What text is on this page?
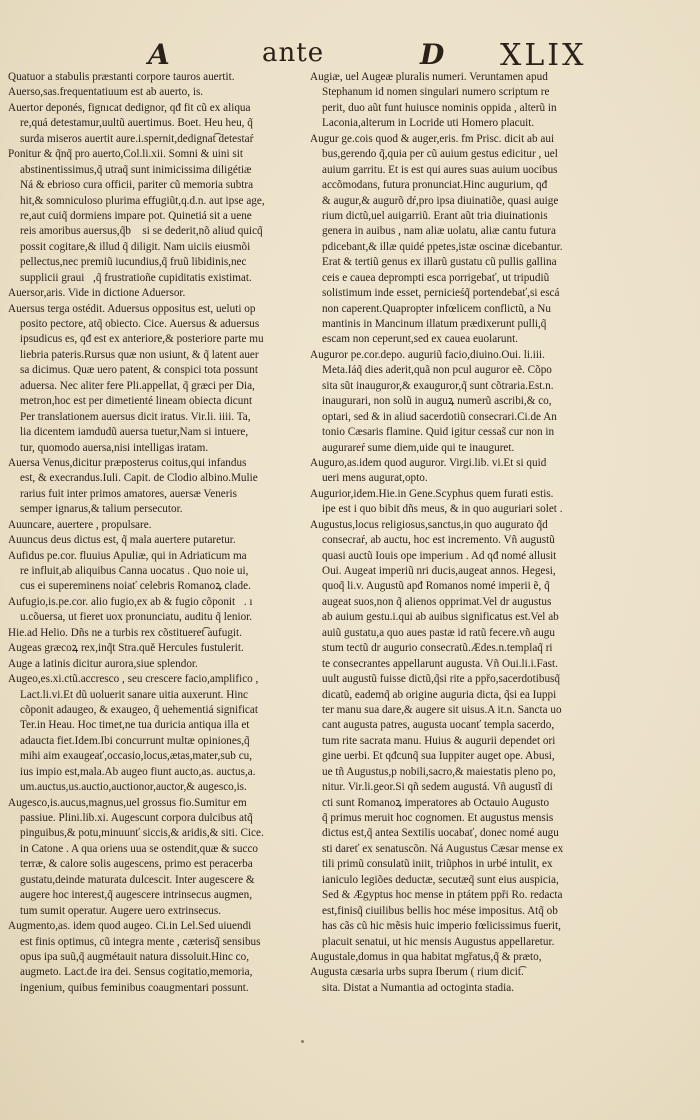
A	ante	D XLIX
Quatuor a stabulis præstanti corpore tauros auertit.
Auerso,sas.frequentatiuum est ab auerto, is.
Auertor deponés, fignıcat dedignor, qđ fit cũ ex aliqua
re,quá detestamur,uultũ auertimus. Boet. Heu heu, q̃
surda miseros auertit aure.i.spernit,dedignat͡ detestaŕ
Ponitur & q̃nq̃ pro auerto,Col.li.xii. Somni & uini sit
abstinentissimus,q̃ utraq̃ sunt inimicissima diligétiæ
Ná & ebrioso cura officii, pariter cũ memoria subtra
hit,& somniculoso plurima effugiũt,q.d.n. aut ipse age,
re,aut cuiq̃ dormiens impare pot. Quinetiá sit a uene
reis amoribus auersus,q̃b᷑ si se dederit,nõ aliud quicq̃
possit cogitare,& illud q̃ diligit. Nam uiciis eiusmõi
pellectus,nec premiũ iucundius,q̃ fruũ libidinis,nec
supplicii graui᷑,q̃ frustratioñe cupiditatis existimat.
Auersor,aris. Vide in dictione Aduersor.
Auersus terga ostédit. Aduersus oppositus est, ueluti op
posito pectore, atq̃ obiecto. Cice. Auersus & aduersus
ipsudicus es, qđ est ex anteriore,& posteriore parte mu
liebria pateris.Rursus quæ non usiunt, & q̃ latent auer
sa dicimus. Quæ uero patent, & conspici tota possunt
aduersa. Nec aliter fere Pli.appellat, q̃ græci per Dia,
metron,hoc est per dimetienté lineam obiecta dicunt
Per translationem auersus dicit iratus. Vir.li. iiii. Ta,
lia dicentem iamdudũ auersa tuetur,Nam si intuere,
tur, quomodo auersa,nisi intelligas iratam.
Auersa Venus,dicitur præposterus coitus,qui infandus
est, & execrandus.Iuli. Capit. de Clodio albino.Mulie
rarius fuit inter primos amatores, auersæ Veneris
semper ignarus,& talium persecutor.
Auuncare, auertere , propulsare.
Auuncus deus dictus est, q̃ mala auertere putaretur.
Aufidus pe.cor. fluuius Apuliæ, qui in Adriaticum ma
re influit,ab aliquibus Canna uocatus . Quo noie ui,
cus ei supereminens noiať celebris Romanoꝝ clade.
Aufugio,is.pe.cor. alio fugio,ex ab & fugio cõponit᷑. ı
u.cõuersa, ut fieret uox pronunciatu, auditu q̃ lenior.
Hie.ad Helio. Dñs ne a turbis rex cõstitueret͡ aufugit.
Augeas græcoꝝ rex,inq̃t Stra.quě Hercules fustulerit.
Auge a latinis dicitur aurora,siue splendor.
Augeo,es.xi.ctũ.accresco , seu crescere facio,amplifico ,
Lact.li.vi.Et dũ uoluerit sanare uitia auxerunt. Hinc
cõponit adaugeo, & exaugeo, q̃ uehementiá significat
Ter.in Heau. Hoc timet,ne tua duricia antiqua illa et
adaucta fiet.Idem.Ibi concurrunt multæ opiniones,q̃
mihi aim exaugeať,occasio,locus,ætas,mater,sub cu,
ius impio est,mala.Ab augeo fiunt aucto,as. auctus,a.
um.auctus,us.auctio,auctionor,auctor,& augesco,is.
Augesco,is.aucus,magnus,uel grossus fio.Sumitur em
passiue. Plini.lib.xi. Augescunt corpora dulcibus atq̃
pinguibus,& potu,minuunť siccis,& aridis,& siti. Cice.
in Catone . A qua oriens uua se ostendit,quæ & succo
terræ, & calore solis augescens, primo est peracerba
gustatu,deinde maturata dulcescit. Inter augescere &
augere hoc interest,q̃ augescere intrinsecus augmen,
tum sumit operatur. Augere uero extrinsecus.
Augmento,as. idem quod augeo. Ci.in Lel.Sed uiuendi
est finis optimus, cũ integra mente , cæterisq̃ sensibus
opus ipa suũ,q̃ augmétauit natura dissoluit.Hinc co,
augmeto. Lact.de ira dei. Sensus cogitatio,memoria,
ingenium, quibus feminibus coaugmentari possunt.
Augiæ, uel Augeæ pluralis numeri. Veruntamen apud
Stephanum id nomen singulari numero scriptum re
perit, duo aũt funt huiusce nominis oppida , alterũ in
Laconia,alterum in Locride uti Homero placuit.
Augur ge.cois quod & auger,eris. fm Prisc. dicit ab aui
bus,gerendo q̃,quia per cũ auium gestus edicitur , uel
auium garritu. Et is est qui aures suas auium uocibus
accõmodans, futura pronunciat.Hinc augurium, qđ
& augur,& augurõ dŕ,pro ipsa diuinatiõe, quasi auige
rium dictũ,uel auigarriũ. Erant aũt tria diuinationis
genera in auibus , nam aliæ uolatu, aliæ cantu futura
pdicebant,& illæ quidé ppetes,istæ oscinæ dicebantur.
Erat & tertiũ genus ex illarũ gustatu cũ pullis gallina
ceis e cauea deprompti esca porrigebať, ut tripudiũ
solistimum inde esset, pernicieśq̃ portendebať,si escá
non caperent.Quapropter infœlicem conflictũ, a Nu
mantinis in Mancinum illatum prædixerunt pulli,q̃
escam non ceperunt,sed ex cauea euolarunt.
Auguror pe.cor.depo. auguriũ facio,diuino.Oui. li.iii.
Meta.Iáq̃ dies aderit,quã non pcul auguror eẽ. Cõpo
sita sũt inauguror,& exauguror,q̃ sunt cõtraria.Est.n.
inaugurari, non solũ in auguꝝ numerũ ascribi,& co,
optari, sed & in aliud sacerdotiũ consecrari.Ci.de An
tonio Cæsaris flamine. Quid igitur cessas̃ cur non in
augurareŕ sume diem,uide qui te inauguret.
Auguro,as.idem quod auguror. Virgi.lib. vi.Et si quid
ueri mens augurat,opto.
Augurior,idem.Hie.in Gene.Scyphus quem furati estis.
ipe est i quo bibit dñs meus, & in quo auguriari solet .
Augustus,locus religiosus,sanctus,in quo augurato q̃d
consecraŕ, ab auctu, hoc est incremento. Vñ augustũ
quasi auctũ Iouis ope imperium . Ad qđ nomé allusit
Oui. Augeat imperiũ nri ducis,augeat annos. Hegesi,
quoq̃ li.v. Augustũ apđ Romanos nomé imperii ẽ, q̃
augeat suos,non q̃ alienos opprimat.Vel dr augustus
ab auium gestu.i.qui ab auibus significatus est.Vel ab
auiũ gustatu,a quo aues pastæ id ratũ fecere.vñ augu
stum tectũ dr augurio consecratũ.Ædes.n.templaq̃ ri
te consecrantes appellarunt augusta. Vñ Oui.li.i.Fast.
uult augustũ fuisse dictũ,q̃si rite a ppřo,sacerdotibusq̃
dicatũ, eademq̃ ab origine auguria dicta, q̃si ea Iuppi
ter manu sua dare,& augere sit uisus.A it.n. Sancta uo
cant augusta patres, augusta uocanť templa sacerdo,
tum rite sacrata manu. Huius & augurii dependet ori
gine uerbi. Et qđcunq̃ sua Iuppiter auget ope. Abusi,
ue tñ Augustus,p nobili,sacro,& maiestatis pleno po,
nitur. Vir.li.geor.Si qñ sedem augustá. Vñ augustĩ di
cti sunt Romanoꝝ imperatores ab Octauio Augusto
q̃ primus meruit hoc cognomen. Et augustus mensis
dictus est,q̃ antea Sextilis uocabať, donec nomé augu
sti dareť ex senatuscõn. Ná Augustus Cæsar mense ex
tili primũ consulatũ iniit, triũphos in urbé intulit, ex
ianiculo legiões deductæ, secutæq̃ sunt eius auspicia,
Sed & Ægyptus hoc mense in ptátem ppři Ro. redacta
est,finisq̃ ciuilibus bellis hoc mése impositus. Atq̃ ob
has cãs cũ hic mẽsis huic imperio fœlicissimus fuerit,
placuit senatui, ut hic mensis Augustus appellaretur.
Augustale,domus in qua habitat mgřatus,q̃ & præto,
Augusta cæsaria urbs supra Iberum ( rium dicit͡.
sita. Distat a Numantia ad octoginta stadia.
